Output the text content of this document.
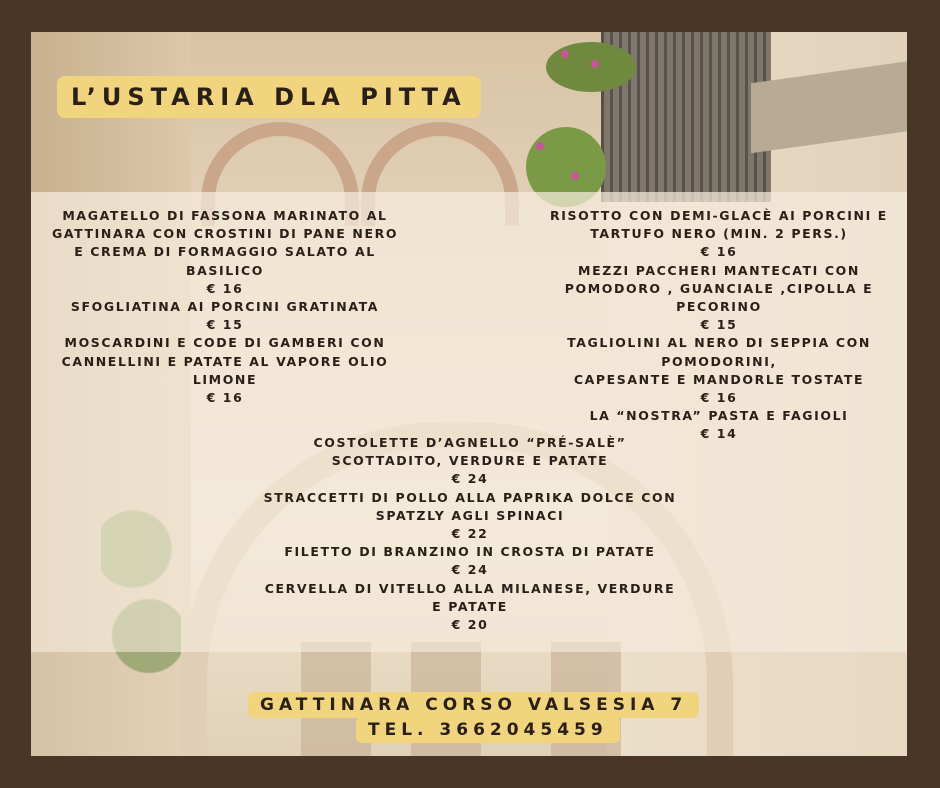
L’USTARIA DLA PITTA

MAGATELLO DI FASSONA MARINATO AL GATTINARA CON CROSTINI DI PANE NERO E CREMA DI FORMAGGIO SALATO AL BASILICO

€ 16

SFOGLIATINA AI PORCINI GRATINATA

€ 15

MOSCARDINI E CODE DI GAMBERI CON CANNELLINI E PATATE AL VAPORE OLIO LIMONE

€ 16

RISOTTO CON DEMI-GLACÈ AI PORCINI E TARTUFO NERO (MIN. 2 PERS.)

€ 16

MEZZI PACCHERI MANTECATI CON POMODORO , GUANCIALE ,CIPOLLA E PECORINO

€ 15

TAGLIOLINI AL NERO DI SEPPIA CON POMODORINI,

CAPESANTE E MANDORLE TOSTATE

€ 16

LA “NOSTRA” PASTA E FAGIOLI

€ 14

COSTOLETTE D’AGNELLO “PRÉ-SALÈ” SCOTTADITO, VERDURE E PATATE

€ 24

STRACCETTI DI POLLO ALLA PAPRIKA DOLCE CON SPATZLY AGLI SPINACI

€ 22

FILETTO DI BRANZINO IN CROSTA DI PATATE

€ 24

CERVELLA DI VITELLO ALLA MILANESE, VERDURE E PATATE

€ 20

GATTINARA CORSO VALSESIA 7
TEL. 3662045459
